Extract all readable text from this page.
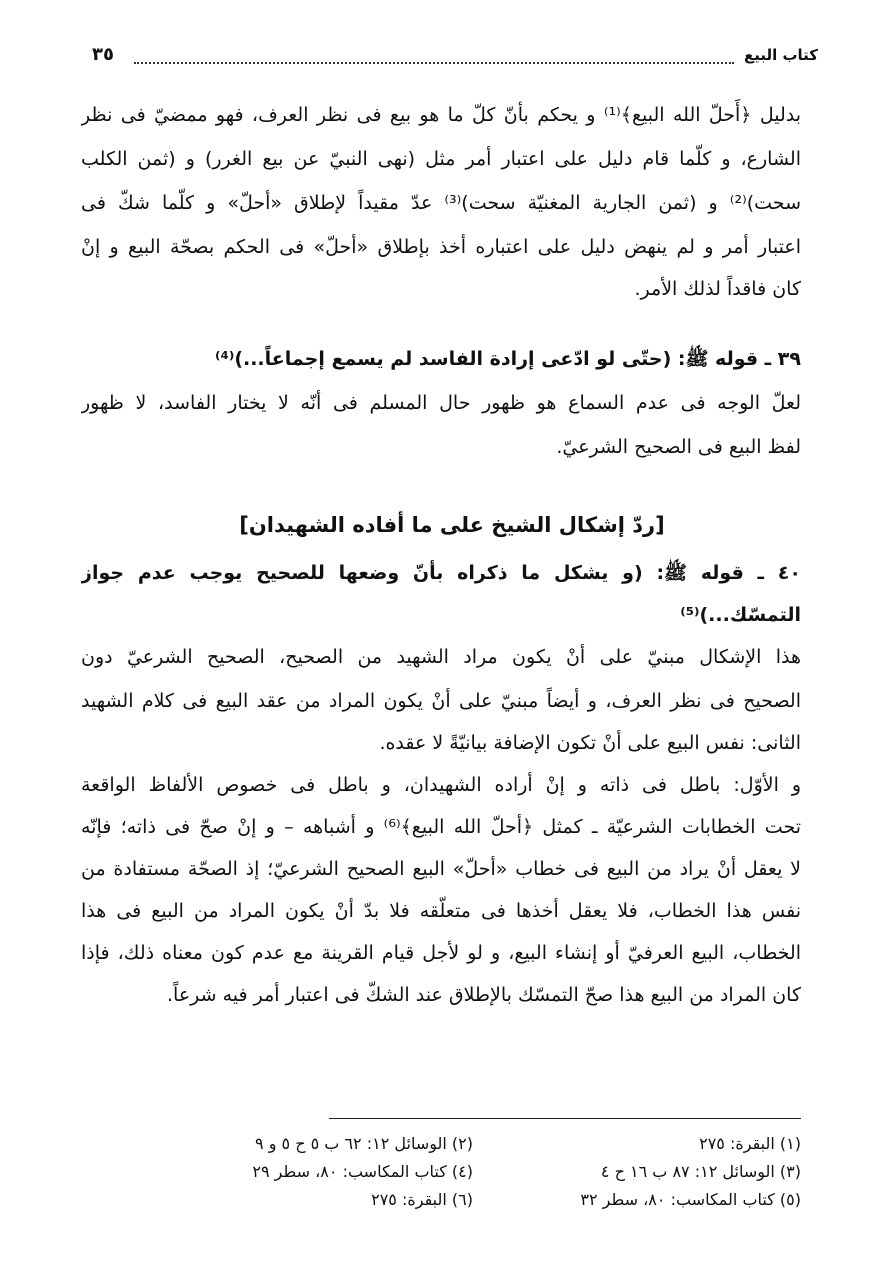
كتاب البيع
٣٥
بدليل ﴿أَحلّ الله البيع﴾⁽¹⁾ و يحكم بأنّ كلّ ما هو بيع فى نظر العرف، فهو ممضيّ فى نظر
الشارع، و كلّما قام دليل على اعتبار أمر مثل (نهى النبيّ عن بيع الغرر) و (ثمن الكلب
سحت)⁽²⁾ و (ثمن الجارية المغنيّة سحت)⁽³⁾ عدّ مقيداً لإطلاق «أحلّ» و كلّما شكّ فى
اعتبار أمر و لم ينهض دليل على اعتباره أخذ بإطلاق «أحلّ» فى الحكم بصحّة البيع و إنْ
كان فاقداً لذلك الأمر.
٣٩ ـ قوله ﷺ: (حتّى لو ادّعى إرادة الفاسد لم يسمع إجماعاً...)⁽⁴⁾
لعلّ الوجه فى عدم السماع هو ظهور حال المسلم فى أنّه لا يختار الفاسد، لا ظهور
لفظ البيع فى الصحيح الشرعيّ.
[ردّ إشكال الشيخ على ما أفاده الشهيدان]
٤٠ ـ قوله ﷺ: (و يشكل ما ذكراه بأنّ وضعها للصحيح يوجب عدم جواز
التمسّك...)⁽⁵⁾
هذا الإشكال مبنيّ على أنْ يكون مراد الشهيد من الصحيح، الصحيح الشرعيّ دون
الصحيح فى نظر العرف، و أيضاً مبنيّ على أنْ يكون المراد من عقد البيع فى كلام الشهيد
الثانى: نفس البيع على أنْ تكون الإضافة بيانيّةً لا عقده.
و الأوّل: باطل فى ذاته و إنْ أراده الشهيدان، و باطل فى خصوص الألفاظ الواقعة
تحت الخطابات الشرعيّة ـ كمثل ﴿أحلّ الله البيع﴾⁽⁶⁾ و أشباهه – و إنْ صحّ فى ذاته؛ فإنّه
لا يعقل أنْ يراد من البيع فى خطاب «أحلّ» البيع الصحيح الشرعيّ؛ إذ الصحّة مستفادة من
نفس هذا الخطاب، فلا يعقل أخذها فى متعلّقه فلا بدّ أنْ يكون المراد من البيع فى هذا
الخطاب، البيع العرفيّ أو إنشاء البيع، و لو لأجل قيام القرينة مع عدم كون معناه ذلك، فإذا
كان المراد من البيع هذا صحّ التمسّك بالإطلاق عند الشكّ فى اعتبار أمر فيه شرعاً.
(١) البقرة: ٢٧٥
(٢) الوسائل ١٢: ٦٢ ب ٥ ح ٥ و ٩
(٣) الوسائل ١٢: ٨٧ ب ١٦ ح ٤
(٤) كتاب المكاسب: ٨٠، سطر ٢٩
(٥) كتاب المكاسب: ٨٠، سطر ٣٢
(٦) البقرة: ٢٧٥
